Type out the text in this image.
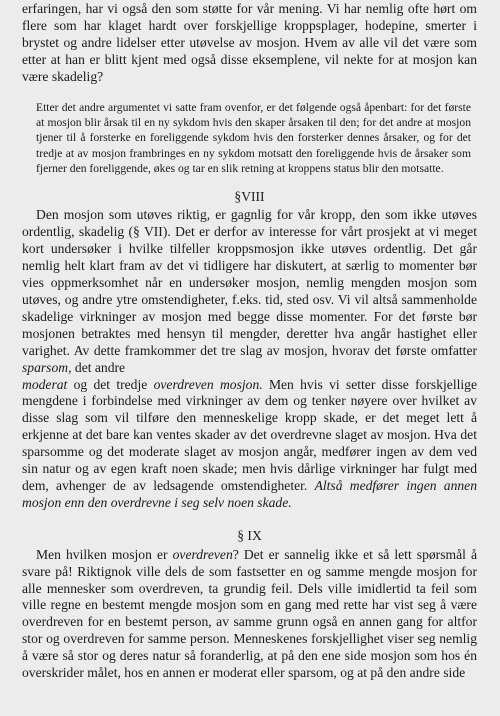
erfaringen, har vi også den som støtte for vår mening. Vi har nemlig ofte hørt om flere som har klaget hardt over forskjellige kroppsplager, hodepine, smerter i brystet og andre lidelser etter utøvelse av mosjon. Hvem av alle vil det være som etter at han er blitt kjent med også disse eksemplene, vil nekte for at mosjon kan være skadelig?

Etter det andre argumentet vi satte fram ovenfor, er det følgende også åpenbart: for det første at mosjon blir årsak til en ny sykdom hvis den skaper årsaken til den; for det andre at mosjon tjener til å forsterke en foreliggende sykdom hvis den forsterker dennes årsaker, og for det tredje at av mosjon frambringes en ny sykdom motsatt den foreliggende hvis de årsaker som fjerner den foreliggende, økes og tar en slik retning at kroppens status blir den motsatte.

§VIII

Den mosjon som utøves riktig, er gagnlig for vår kropp, den som ikke utøves ordentlig, skadelig (§ VII). Det er derfor av interesse for vårt prosjekt at vi meget kort undersøker i hvilke tilfeller kroppsmosjon ikke utøves ordentlig. Det går nemlig helt klart fram av det vi tidligere har diskutert, at særlig to momenter bør vies oppmerksomhet når en undersøker mosjon, nemlig mengden mosjon som utøves, og andre ytre omstendigheter, f.eks. tid, sted osv. Vi vil altså sammenholde skadelige virkninger av mosjon med begge disse momenter. For det første bør mosjonen betraktes med hensyn til mengder, deretter hva angår hastighet eller varighet. Av dette framkommer det tre slag av mosjon, hvorav det første omfatter sparsom, det andre
moderat og det tredje overdreven mosjon. Men hvis vi setter disse forskjellige mengdene i forbindelse med virkninger av dem og tenker nøyere over hvilket av disse slag som vil tilføre den menneskelige kropp skade, er det meget lett å erkjenne at det bare kan ventes skader av det overdrevne slaget av mosjon. Hva det sparsomme og det moderate slaget av mosjon angår, medfører ingen av dem ved sin natur og av egen kraft noen skade; men hvis dårlige virkninger har fulgt med dem, avhenger de av ledsagende omstendigheter. Altså medfører ingen annen mosjon enn den overdrevne i seg selv noen skade.

§ IX

Men hvilken mosjon er overdreven? Det er sannelig ikke et så lett spørsmål å svare på! Riktignok ville dels de som fastsetter en og samme mengde mosjon for alle mennesker som overdreven, ta grundig feil. Dels ville imidlertid ta feil som ville regne en bestemt mengde mosjon som en gang med rette har vist seg å være overdreven for en bestemt person, av samme grunn også en annen gang for altfor stor og overdreven for samme person. Menneskenes forskjellighet viser seg nemlig å være så stor og deres natur så foranderlig, at på den ene side mosjon som hos én overskrider målet, hos en annen er moderat eller sparsom, og at på den andre side
